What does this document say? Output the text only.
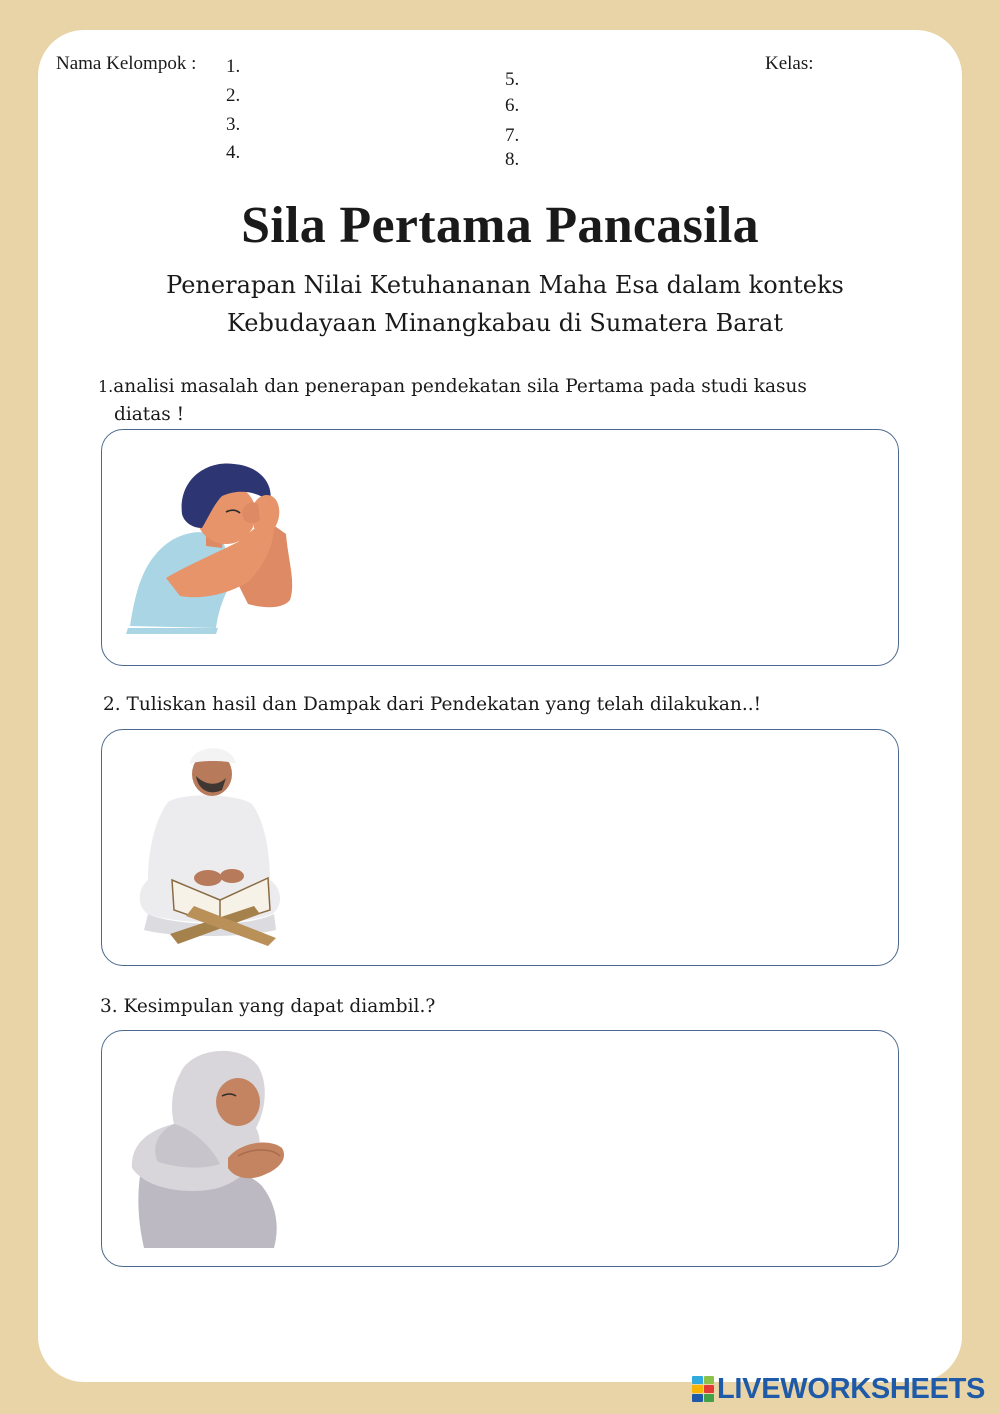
Nama Kelompok : 1.
2.
3.
4.
5.
6.
7.
8.
Kelas:
Sila Pertama Pancasila
Penerapan Nilai Ketuhananan Maha Esa dalam konteks
Kebudayaan Minangkabau di Sumatera Barat
1.analisi masalah dan penerapan pendekatan sila Pertama pada studi kasus
diatas !
2. Tuliskan hasil dan Dampak dari Pendekatan yang telah dilakukan..!
3. Kesimpulan yang dapat diambil.?
LIVEWORKSHEETS
